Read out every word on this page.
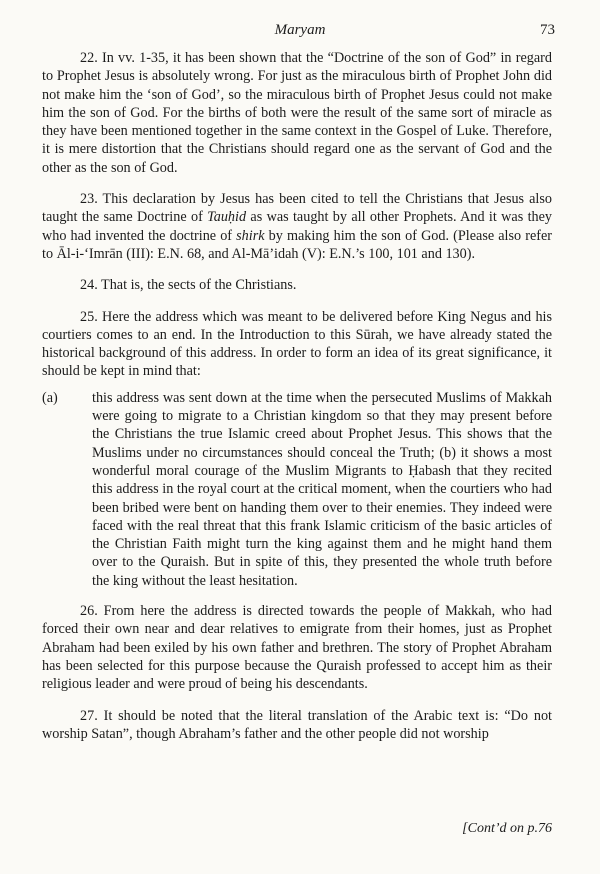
Maryam	73

22. In vv. 1-35, it has been shown that the “Doctrine of the son of God” in regard to Prophet Jesus is absolutely wrong. For just as the miraculous birth of Prophet John did not make him the ‘son of God’, so the miraculous birth of Prophet Jesus could not make him the son of God. For the births of both were the result of the same sort of miracle as they have been mentioned together in the same context in the Gospel of Luke. Therefore, it is mere distortion that the Christians should regard one as the servant of God and the other as the son of God.

23. This declaration by Jesus has been cited to tell the Christians that Jesus also taught the same Doctrine of Tauḥid as was taught by all other Prophets. And it was they who had invented the doctrine of shirk by making him the son of God. (Please also refer to Āl-i-‘Imrān (III): E.N. 68, and Al-Mā’idah (V): E.N.’s 100, 101 and 130).

24. That is, the sects of the Christians.

25. Here the address which was meant to be delivered before King Negus and his courtiers comes to an end. In the Introduction to this Sūrah, we have already stated the historical background of this address. In order to form an idea of its great significance, it should be kept in mind that:

(a)	this address was sent down at the time when the persecuted Muslims of Makkah were going to migrate to a Christian kingdom so that they may present before the Christians the true Islamic creed about Prophet Jesus. This shows that the Muslims under no circumstances should conceal the Truth; (b) it shows a most wonderful moral courage of the Muslim Migrants to Ḥabash that they recited this address in the royal court at the critical moment, when the courtiers who had been bribed were bent on handing them over to their enemies. They indeed were faced with the real threat that this frank Islamic criticism of the basic articles of the Christian Faith might turn the king against them and he might hand them over to the Quraish. But in spite of this, they presented the whole truth before the king without the least hesitation.

26. From here the address is directed towards the people of Makkah, who had forced their own near and dear relatives to emigrate from their homes, just as Prophet Abraham had been exiled by his own father and brethren. The story of Prophet Abraham has been selected for this purpose because the Quraish professed to accept him as their religious leader and were proud of being his descendants.

27. It should be noted that the literal translation of the Arabic text is: “Do not worship Satan”, though Abraham’s father and the other people did not worship

[Cont’d on p.76
